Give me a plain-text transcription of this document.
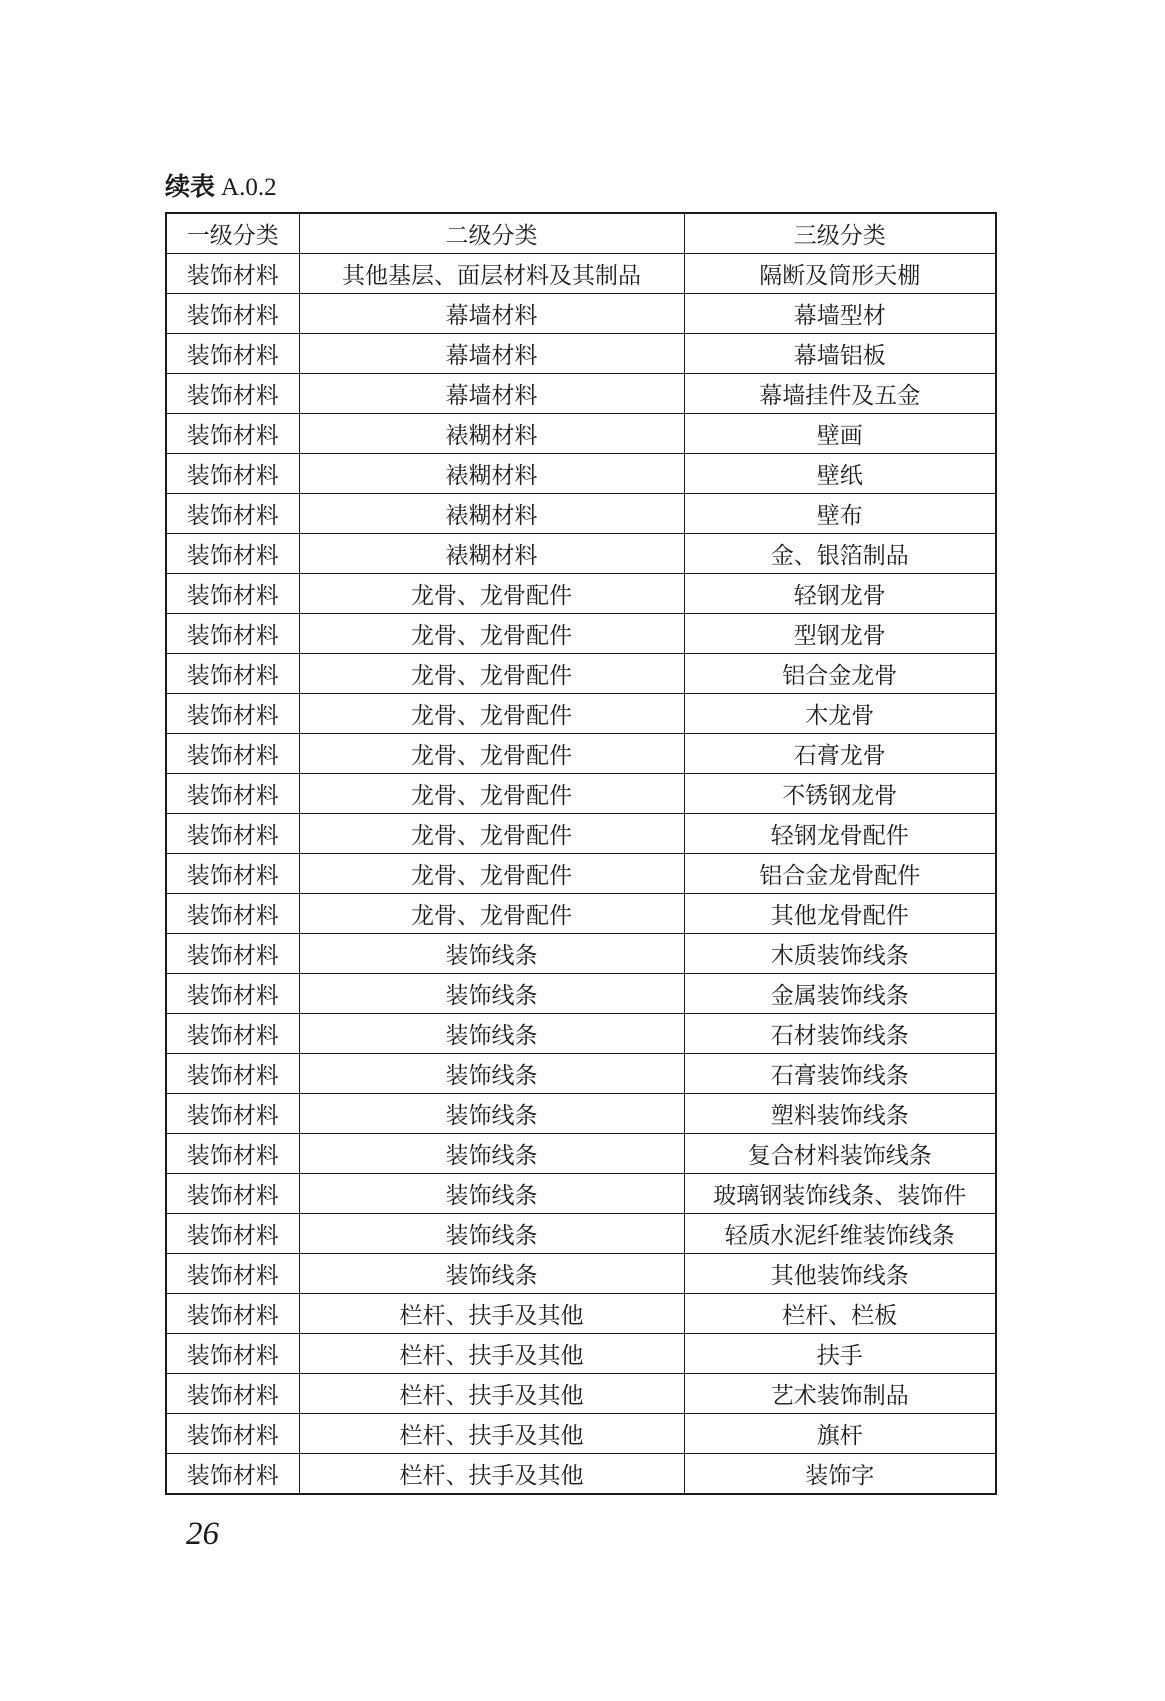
续表 A.0.2
一级分类	二级分类	三级分类
装饰材料	其他基层、面层材料及其制品	隔断及筒形天棚
装饰材料	幕墙材料	幕墙型材
装饰材料	幕墙材料	幕墙铝板
装饰材料	幕墙材料	幕墙挂件及五金
装饰材料	裱糊材料	壁画
装饰材料	裱糊材料	壁纸
装饰材料	裱糊材料	壁布
装饰材料	裱糊材料	金、银箔制品
装饰材料	龙骨、龙骨配件	轻钢龙骨
装饰材料	龙骨、龙骨配件	型钢龙骨
装饰材料	龙骨、龙骨配件	铝合金龙骨
装饰材料	龙骨、龙骨配件	木龙骨
装饰材料	龙骨、龙骨配件	石膏龙骨
装饰材料	龙骨、龙骨配件	不锈钢龙骨
装饰材料	龙骨、龙骨配件	轻钢龙骨配件
装饰材料	龙骨、龙骨配件	铝合金龙骨配件
装饰材料	龙骨、龙骨配件	其他龙骨配件
装饰材料	装饰线条	木质装饰线条
装饰材料	装饰线条	金属装饰线条
装饰材料	装饰线条	石材装饰线条
装饰材料	装饰线条	石膏装饰线条
装饰材料	装饰线条	塑料装饰线条
装饰材料	装饰线条	复合材料装饰线条
装饰材料	装饰线条	玻璃钢装饰线条、装饰件
装饰材料	装饰线条	轻质水泥纤维装饰线条
装饰材料	装饰线条	其他装饰线条
装饰材料	栏杆、扶手及其他	栏杆、栏板
装饰材料	栏杆、扶手及其他	扶手
装饰材料	栏杆、扶手及其他	艺术装饰制品
装饰材料	栏杆、扶手及其他	旗杆
装饰材料	栏杆、扶手及其他	装饰字
26
